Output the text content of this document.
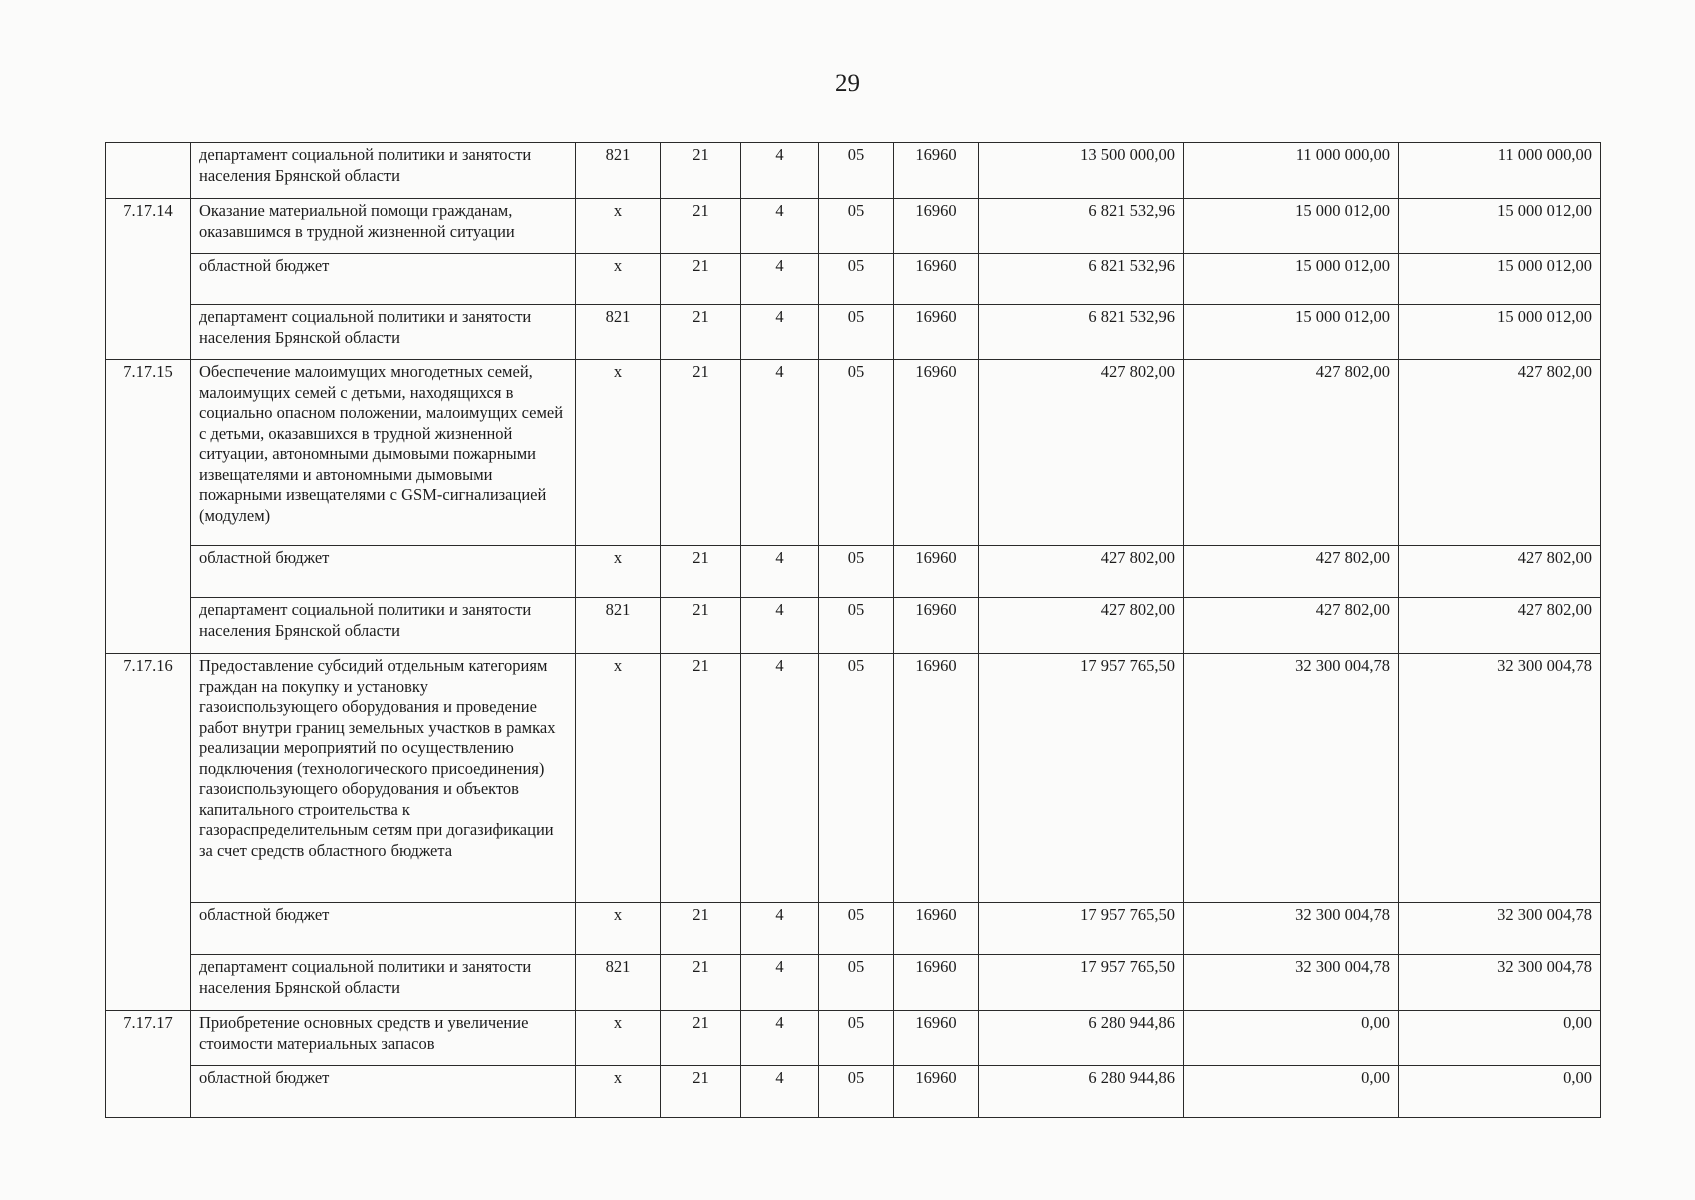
29
	департамент социальной политики и занятости населения Брянской области	821	21	4	05	16960	13 500 000,00	11 000 000,00	11 000 000,00
7.17.14	Оказание материальной помощи гражданам, оказавшимся в трудной жизненной ситуации	x	21	4	05	16960	6 821 532,96	15 000 012,00	15 000 012,00
	областной бюджет	x	21	4	05	16960	6 821 532,96	15 000 012,00	15 000 012,00
	департамент социальной политики и занятости населения Брянской области	821	21	4	05	16960	6 821 532,96	15 000 012,00	15 000 012,00
7.17.15	Обеспечение малоимущих многодетных семей, малоимущих семей с детьми, находящихся в социально опасном положении, малоимущих семей с детьми, оказавшихся в трудной жизненной ситуации, автономными дымовыми пожарными извещателями и автономными дымовыми пожарными извещателями с GSM-сигнализацией (модулем)	x	21	4	05	16960	427 802,00	427 802,00	427 802,00
	областной бюджет	x	21	4	05	16960	427 802,00	427 802,00	427 802,00
	департамент социальной политики и занятости населения Брянской области	821	21	4	05	16960	427 802,00	427 802,00	427 802,00
7.17.16	Предоставление субсидий отдельным категориям граждан на покупку и установку газоиспользующего оборудования и проведение работ внутри границ земельных участков в рамках реализации мероприятий по осуществлению подключения (технологического присоединения) газоиспользующего оборудования и объектов капитального строительства к газораспределительным сетям при догазификации за счет средств областного бюджета	x	21	4	05	16960	17 957 765,50	32 300 004,78	32 300 004,78
	областной бюджет	x	21	4	05	16960	17 957 765,50	32 300 004,78	32 300 004,78
	департамент социальной политики и занятости населения Брянской области	821	21	4	05	16960	17 957 765,50	32 300 004,78	32 300 004,78
7.17.17	Приобретение основных средств и увеличение стоимости материальных запасов	x	21	4	05	16960	6 280 944,86	0,00	0,00
	областной бюджет	x	21	4	05	16960	6 280 944,86	0,00	0,00
